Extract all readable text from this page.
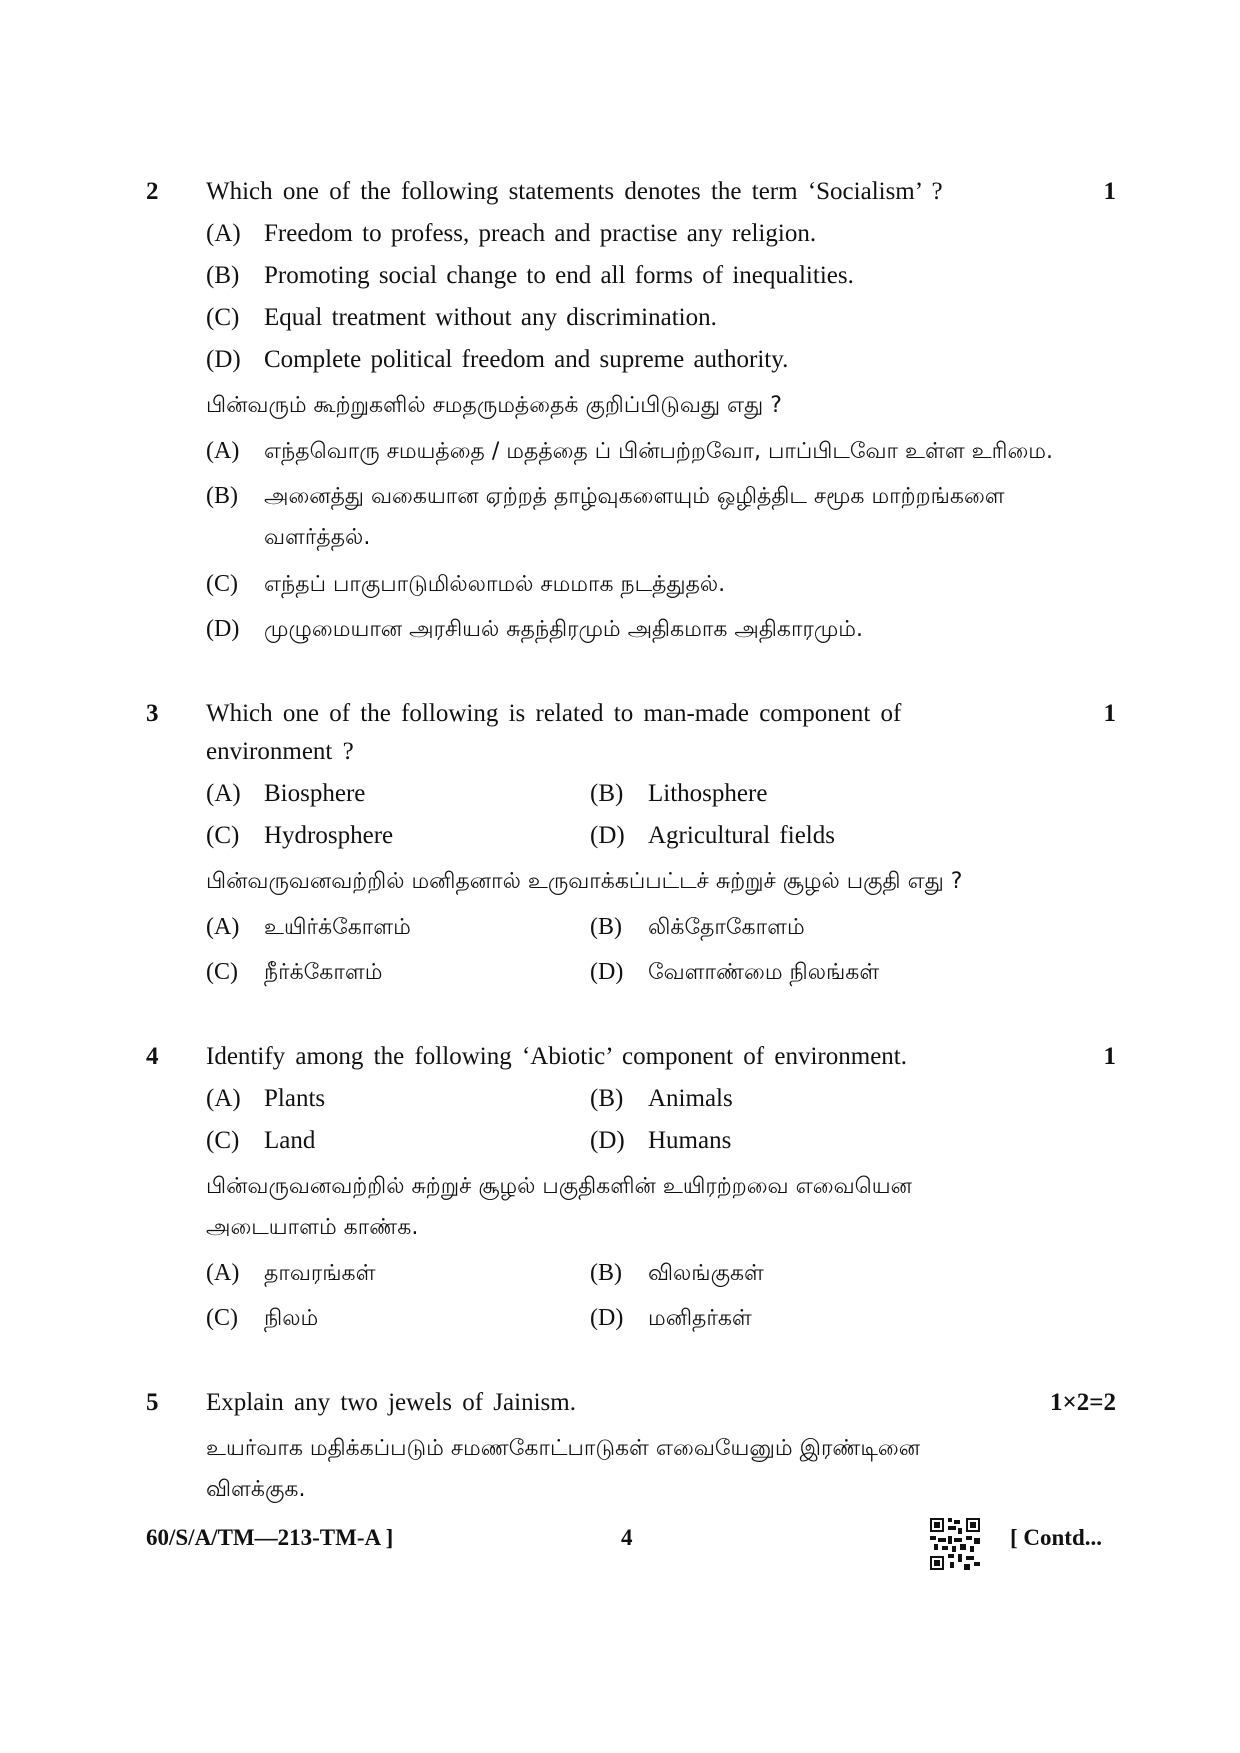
2	1
Which one of the following statements denotes the term ‘Socialism’ ?
(A) Freedom to profess, preach and practise any religion.
(B) Promoting social change to end all forms of inequalities.
(C) Equal treatment without any discrimination.
(D) Complete political freedom and supreme authority.
பின்வரும் கூற்றுகளில் சமதருமத்தைக் குறிப்பிடுவது எது ?
(A) எந்தவொரு சமயத்தை / மதத்தை ப் பின்பற்றவோ, பாப்பிடவோ உள்ள உரிமை.
(B) அனைத்து வகையான ஏற்றத் தாழ்வுகளையும் ஒழித்திட சமூக மாற்றங்களை
வளர்த்தல்.
(C) எந்தப் பாகுபாடுமில்லாமல் சமமாக நடத்துதல்.
(D) முழுமையான அரசியல் சுதந்திரமும் அதிகமாக அதிகாரமும்.
3	1
Which one of the following is related to man-made component of
environment ?
(A) Biosphere	(B) Lithosphere
(C) Hydrosphere	(D) Agricultural fields
பின்வருவனவற்றில் மனிதனால் உருவாக்கப்பட்டச் சுற்றுச் சூழல் பகுதி எது ?
(A) உயிர்க்கோளம்	(B) லிக்தோகோளம்
(C) நீர்க்கோளம்	(D) வேளாண்மை நிலங்கள்
4	1
Identify among the following ‘Abiotic’ component of environment.
(A) Plants	(B) Animals
(C) Land	(D) Humans
பின்வருவனவற்றில் சுற்றுச் சூழல் பகுதிகளின் உயிரற்றவை எவையென
அடையாளம் காண்க.
(A) தாவரங்கள்	(B) விலங்குகள்
(C) நிலம்	(D) மனிதர்கள்
5	1×2=2
Explain any two jewels of Jainism.
உயர்வாக மதிக்கப்படும் சமணகோட்பாடுகள் எவையேனும் இரண்டினை
விளக்குக.
60/S/A/TM—213-TM-A ]	4	[ Contd...
